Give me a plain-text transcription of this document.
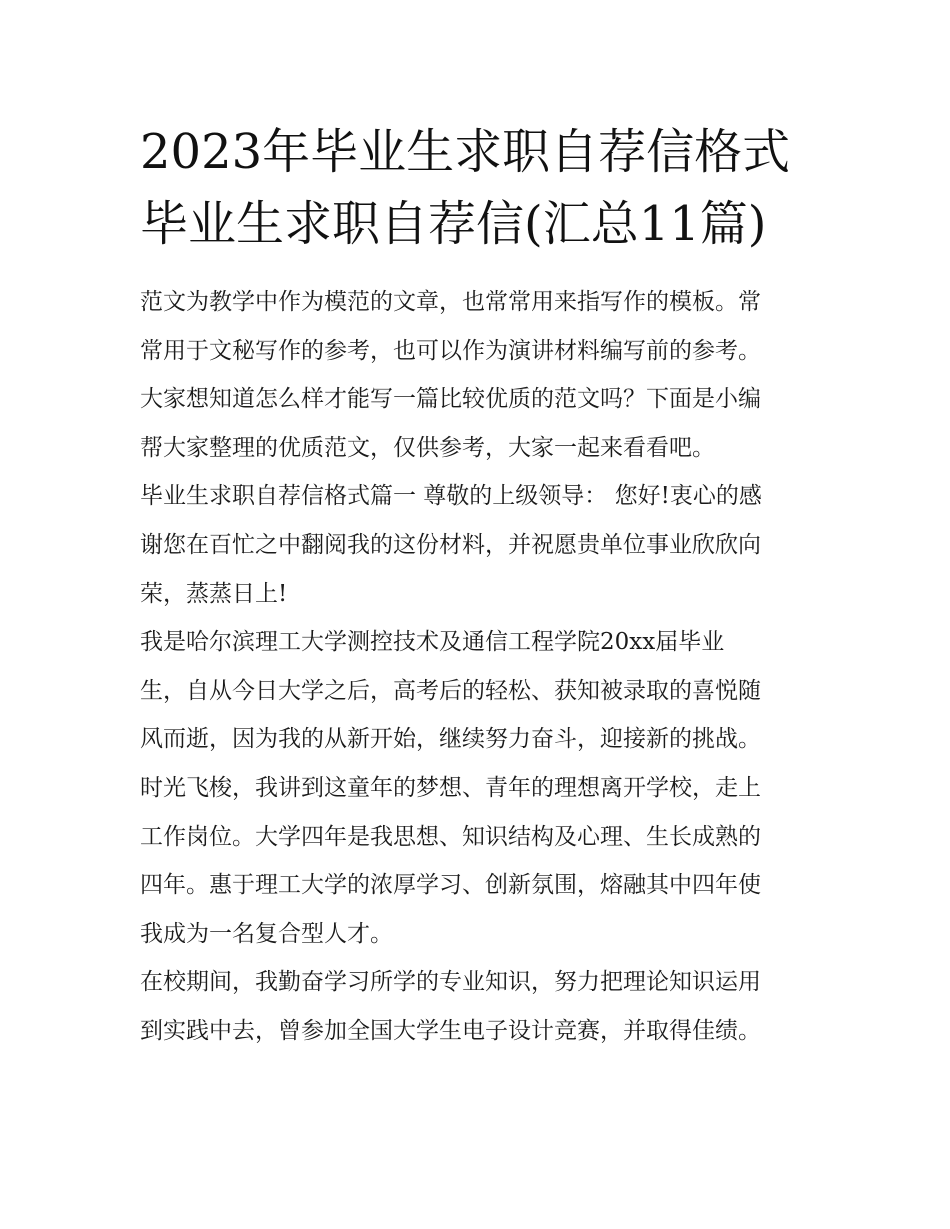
2023年毕业生求职自荐信格式
毕业生求职自荐信(汇总11篇)
范文为教学中作为模范的文章，也常常用来指写作的模板。常
常用于文秘写作的参考，也可以作为演讲材料编写前的参考。
大家想知道怎么样才能写一篇比较优质的范文吗？下面是小编
帮大家整理的优质范文，仅供参考，大家一起来看看吧。
毕业生求职自荐信格式篇一 尊敬的上级领导： 您好!衷心的感
谢您在百忙之中翻阅我的这份材料，并祝愿贵单位事业欣欣向
荣，蒸蒸日上!
我是哈尔滨理工大学测控技术及通信工程学院20xx届毕业
生，自从今日大学之后，高考后的轻松、获知被录取的喜悦随
风而逝，因为我的从新开始，继续努力奋斗，迎接新的挑战。
时光飞梭，我讲到这童年的梦想、青年的理想离开学校，走上
工作岗位。大学四年是我思想、知识结构及心理、生长成熟的
四年。惠于理工大学的浓厚学习、创新氛围，熔融其中四年使
我成为一名复合型人才。
在校期间，我勤奋学习所学的专业知识，努力把理论知识运用
到实践中去，曾参加全国大学生电子设计竞赛，并取得佳绩。
